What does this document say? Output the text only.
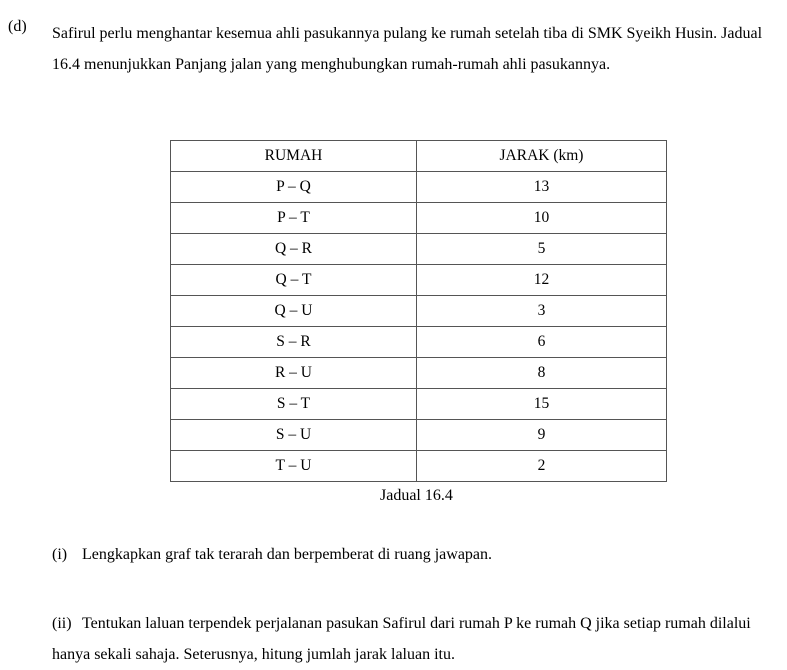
(d) Safirul perlu menghantar kesemua ahli pasukannya pulang ke rumah setelah tiba di SMK Syeikh Husin. Jadual 16.4 menunjukkan Panjang jalan yang menghubungkan rumah-rumah ahli pasukannya.

RUMAH	JARAK (km)
P – Q	13
P – T	10
Q – R	5
Q – T	12
Q – U	3
S – R	6
R – U	8
S – T	15
S – U	9
T – U	2
Jadual 16.4
(i) Lengkapkan graf tak terarah dan berpemberat di ruang jawapan.

(ii) Tentukan laluan terpendek perjalanan pasukan Safirul dari rumah P ke rumah Q jika setiap rumah dilalui hanya sekali sahaja. Seterusnya, hitung jumlah jarak laluan itu.
